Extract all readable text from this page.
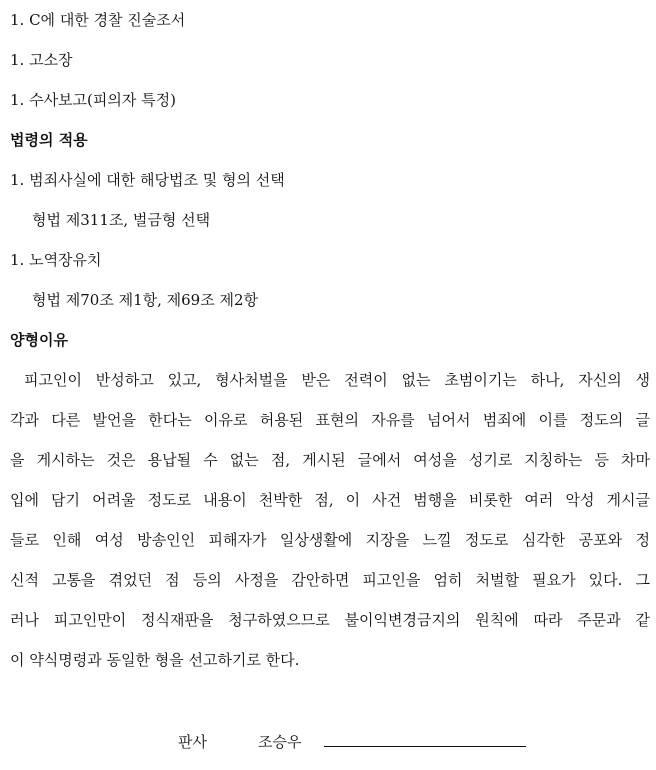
1. C에 대한 경찰 진술조서
1. 고소장
1. 수사보고(피의자 특정)
법령의 적용
1. 범죄사실에 대한 해당법조 및 형의 선택
형법 제311조, 벌금형 선택
1. 노역장유치
형법 제70조 제1항, 제69조 제2항
양형이유
피고인이 반성하고 있고, 형사처벌을 받은 전력이 없는 초범이기는 하나, 자신의 생
각과 다른 발언을 한다는 이유로 허용된 표현의 자유를 넘어서 범죄에 이를 정도의 글
을 게시하는 것은 용납될 수 없는 점, 게시된 글에서 여성을 성기로 지칭하는 등 차마
입에 담기 어려울 정도로 내용이 천박한 점, 이 사건 범행을 비롯한 여러 악성 게시글
들로 인해 여성 방송인인 피해자가 일상생활에 지장을 느낄 정도로 심각한 공포와 정
신적 고통을 겪었던 점 등의 사정을 감안하면 피고인을 엄히 처벌할 필요가 있다. 그
러나 피고인만이 정식재판을 청구하였으므로 불이익변경금지의 원칙에 따라 주문과 같
이 약식명령과 동일한 형을 선고하기로 한다.
판사	조승우
